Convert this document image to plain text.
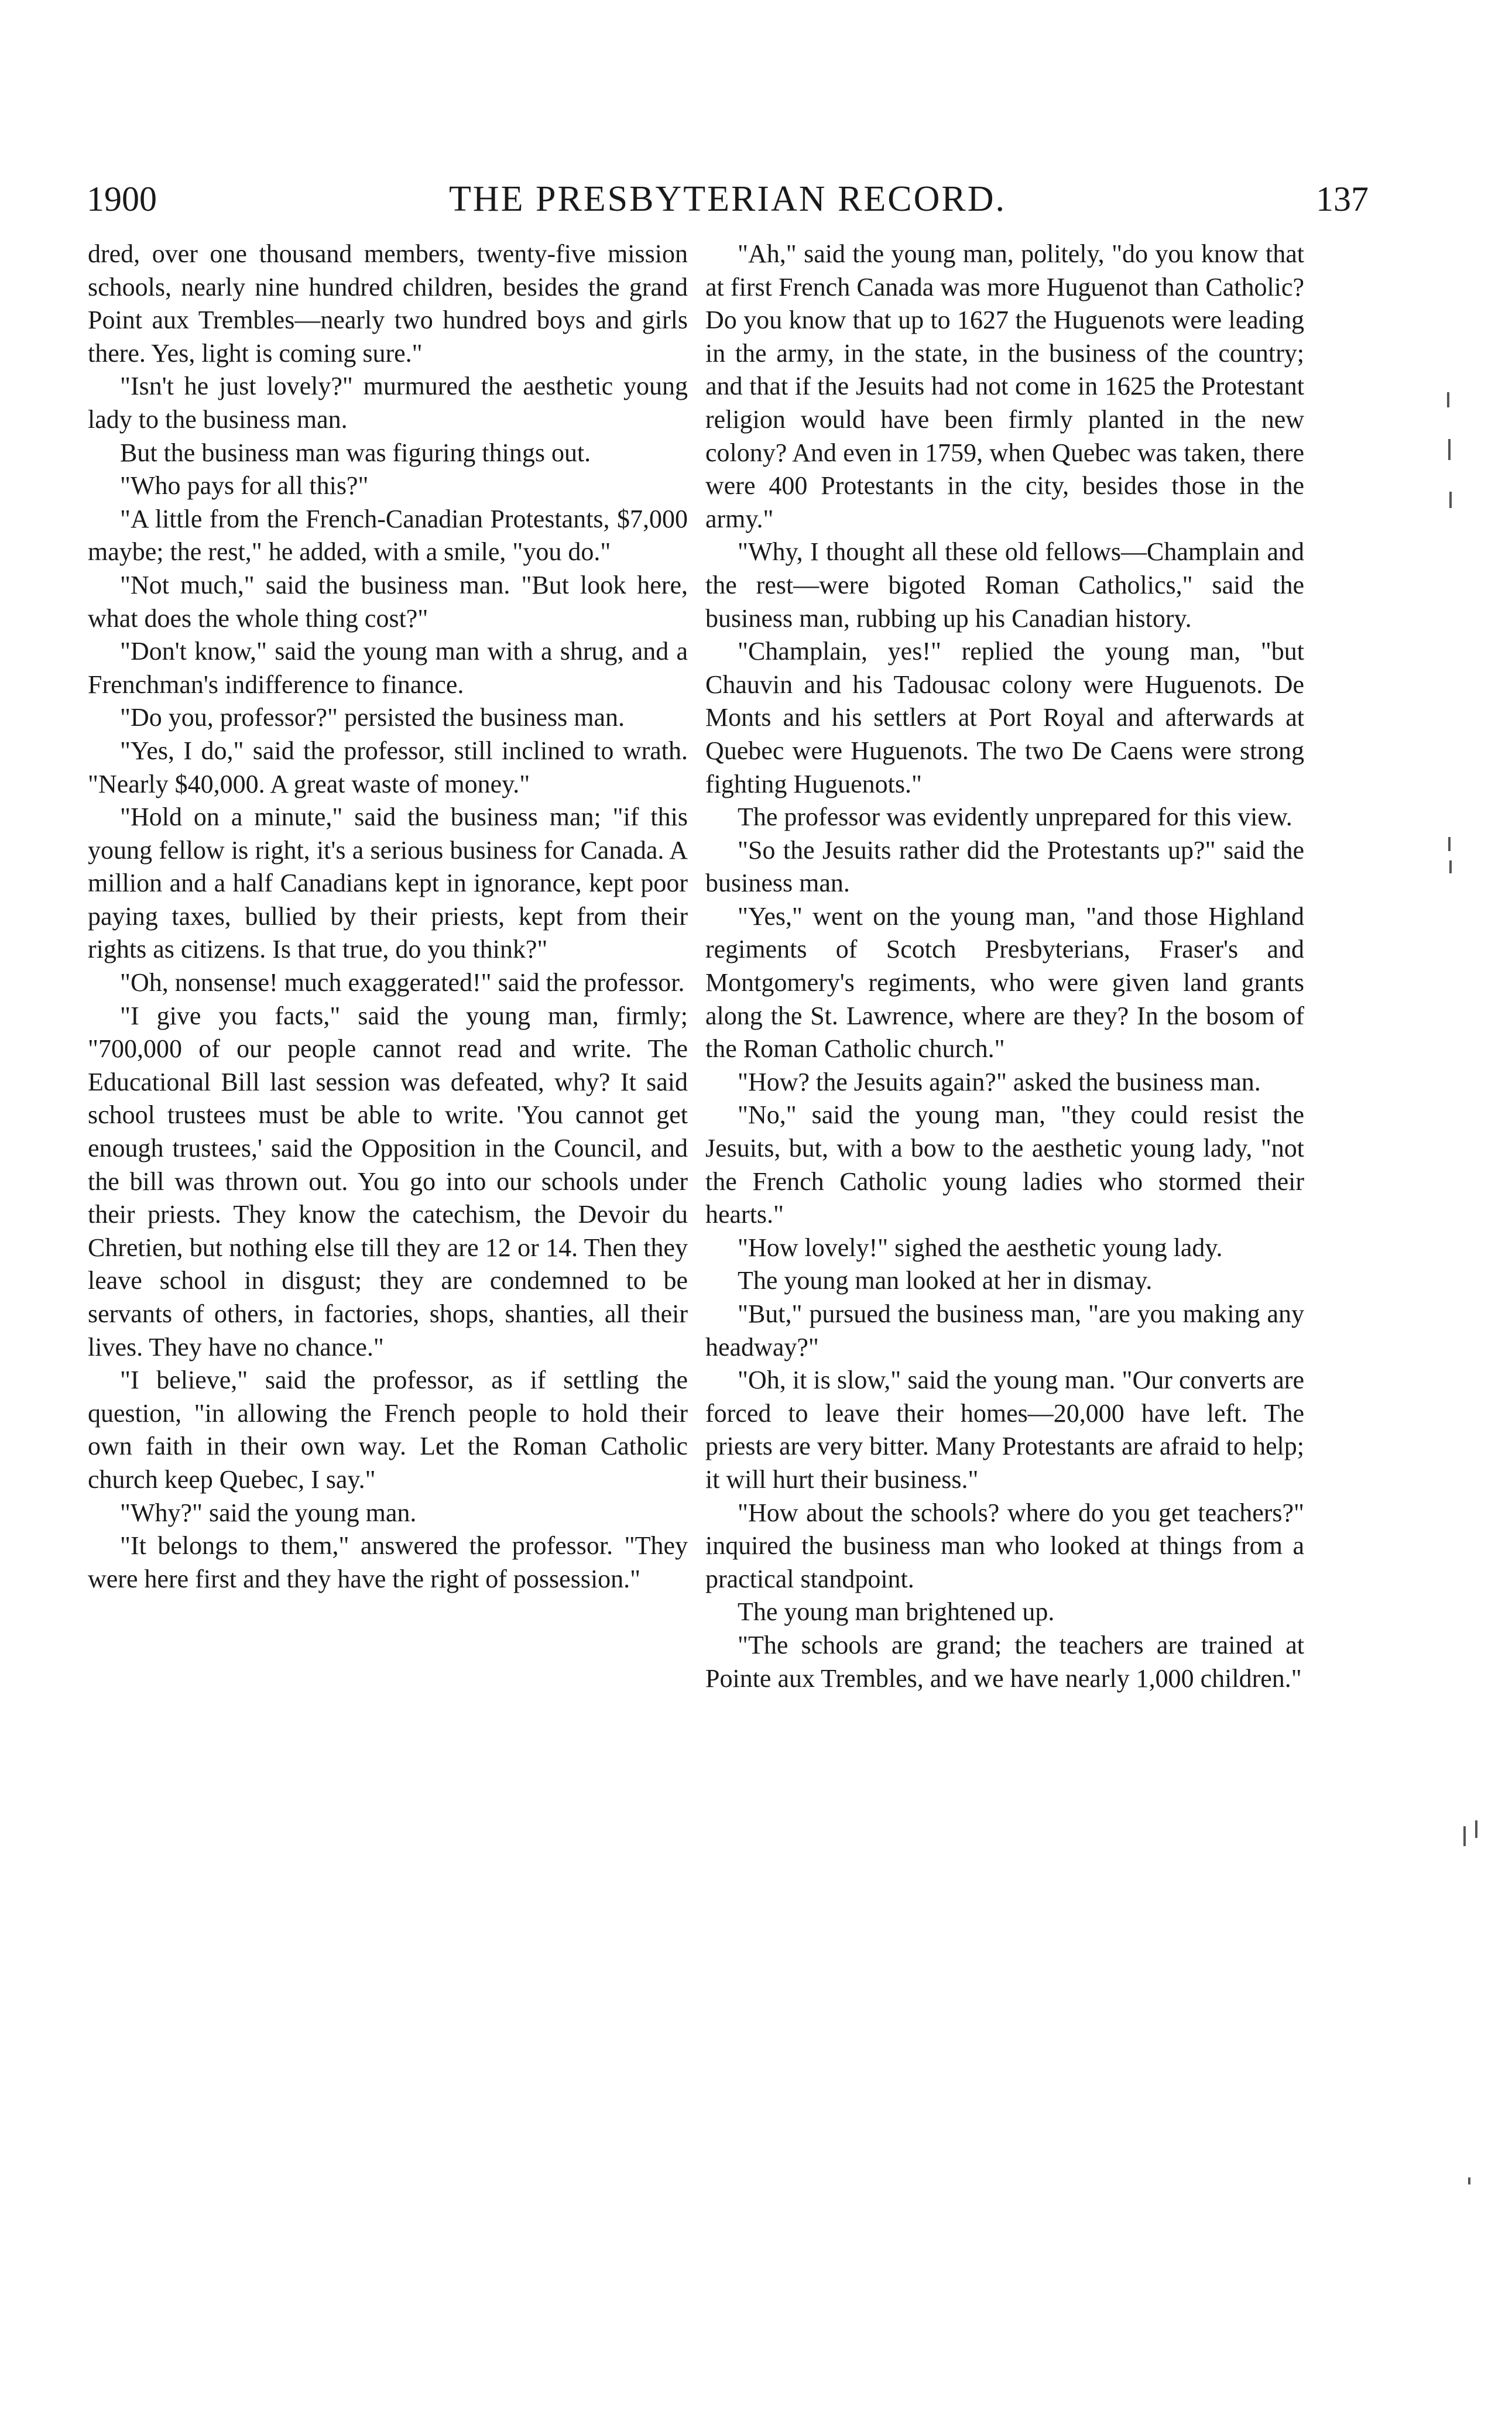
1900	THE PRESBYTERIAN RECORD.	137

dred, over one thousand members, twenty-five mission schools, nearly nine hundred children, besides the grand Point aux Trembles—nearly two hundred boys and girls there. Yes, light is coming sure."

"Isn't he just lovely?" murmured the aesthetic young lady to the business man.

But the business man was figuring things out.

"Who pays for all this?"

"A little from the French-Canadian Protestants, $7,000 maybe; the rest," he added, with a smile, "you do."

"Not much," said the business man. "But look here, what does the whole thing cost?"

"Don't know," said the young man with a shrug, and a Frenchman's indifference to finance.

"Do you, professor?" persisted the business man.

"Yes, I do," said the professor, still inclined to wrath. "Nearly $40,000. A great waste of money."

"Hold on a minute," said the business man; "if this young fellow is right, it's a serious business for Canada. A million and a half Canadians kept in ignorance, kept poor paying taxes, bullied by their priests, kept from their rights as citizens. Is that true, do you think?"

"Oh, nonsense! much exaggerated!" said the professor.

"I give you facts," said the young man, firmly; "700,000 of our people cannot read and write. The Educational Bill last session was defeated, why? It said school trustees must be able to write. 'You cannot get enough trustees,' said the Opposition in the Council, and the bill was thrown out. You go into our schools under their priests. They know the catechism, the Devoir du Chretien, but nothing else till they are 12 or 14. Then they leave school in disgust; they are condemned to be servants of others, in factories, shops, shanties, all their lives. They have no chance."

"I believe," said the professor, as if settling the question, "in allowing the French people to hold their own faith in their own way. Let the Roman Catholic church keep Quebec, I say."

"Why?" said the young man.

"It belongs to them," answered the professor. "They were here first and they have the right of possession."

"Ah," said the young man, politely, "do you know that at first French Canada was more Huguenot than Catholic? Do you know that up to 1627 the Huguenots were leading in the army, in the state, in the business of the country; and that if the Jesuits had not come in 1625 the Protestant religion would have been firmly planted in the new colony? And even in 1759, when Quebec was taken, there were 400 Protestants in the city, besides those in the army."

"Why, I thought all these old fellows—Champlain and the rest—were bigoted Roman Catholics," said the business man, rubbing up his Canadian history.

"Champlain, yes!" replied the young man, "but Chauvin and his Tadousac colony were Huguenots. De Monts and his settlers at Port Royal and afterwards at Quebec were Huguenots. The two De Caens were strong fighting Huguenots."

The professor was evidently unprepared for this view.

"So the Jesuits rather did the Protestants up?" said the business man.

"Yes," went on the young man, "and those Highland regiments of Scotch Presbyterians, Fraser's and Montgomery's regiments, who were given land grants along the St. Lawrence, where are they? In the bosom of the Roman Catholic church."

"How? the Jesuits again?" asked the business man.

"No," said the young man, "they could resist the Jesuits, but, with a bow to the aesthetic young lady, "not the French Catholic young ladies who stormed their hearts."

"How lovely!" sighed the aesthetic young lady.

The young man looked at her in dismay.

"But," pursued the business man, "are you making any headway?"

"Oh, it is slow," said the young man. "Our converts are forced to leave their homes—20,000 have left. The priests are very bitter. Many Protestants are afraid to help; it will hurt their business."

"How about the schools? where do you get teachers?" inquired the business man who looked at things from a practical standpoint.

The young man brightened up.

"The schools are grand; the teachers are trained at Pointe aux Trembles, and we have nearly 1,000 children."
